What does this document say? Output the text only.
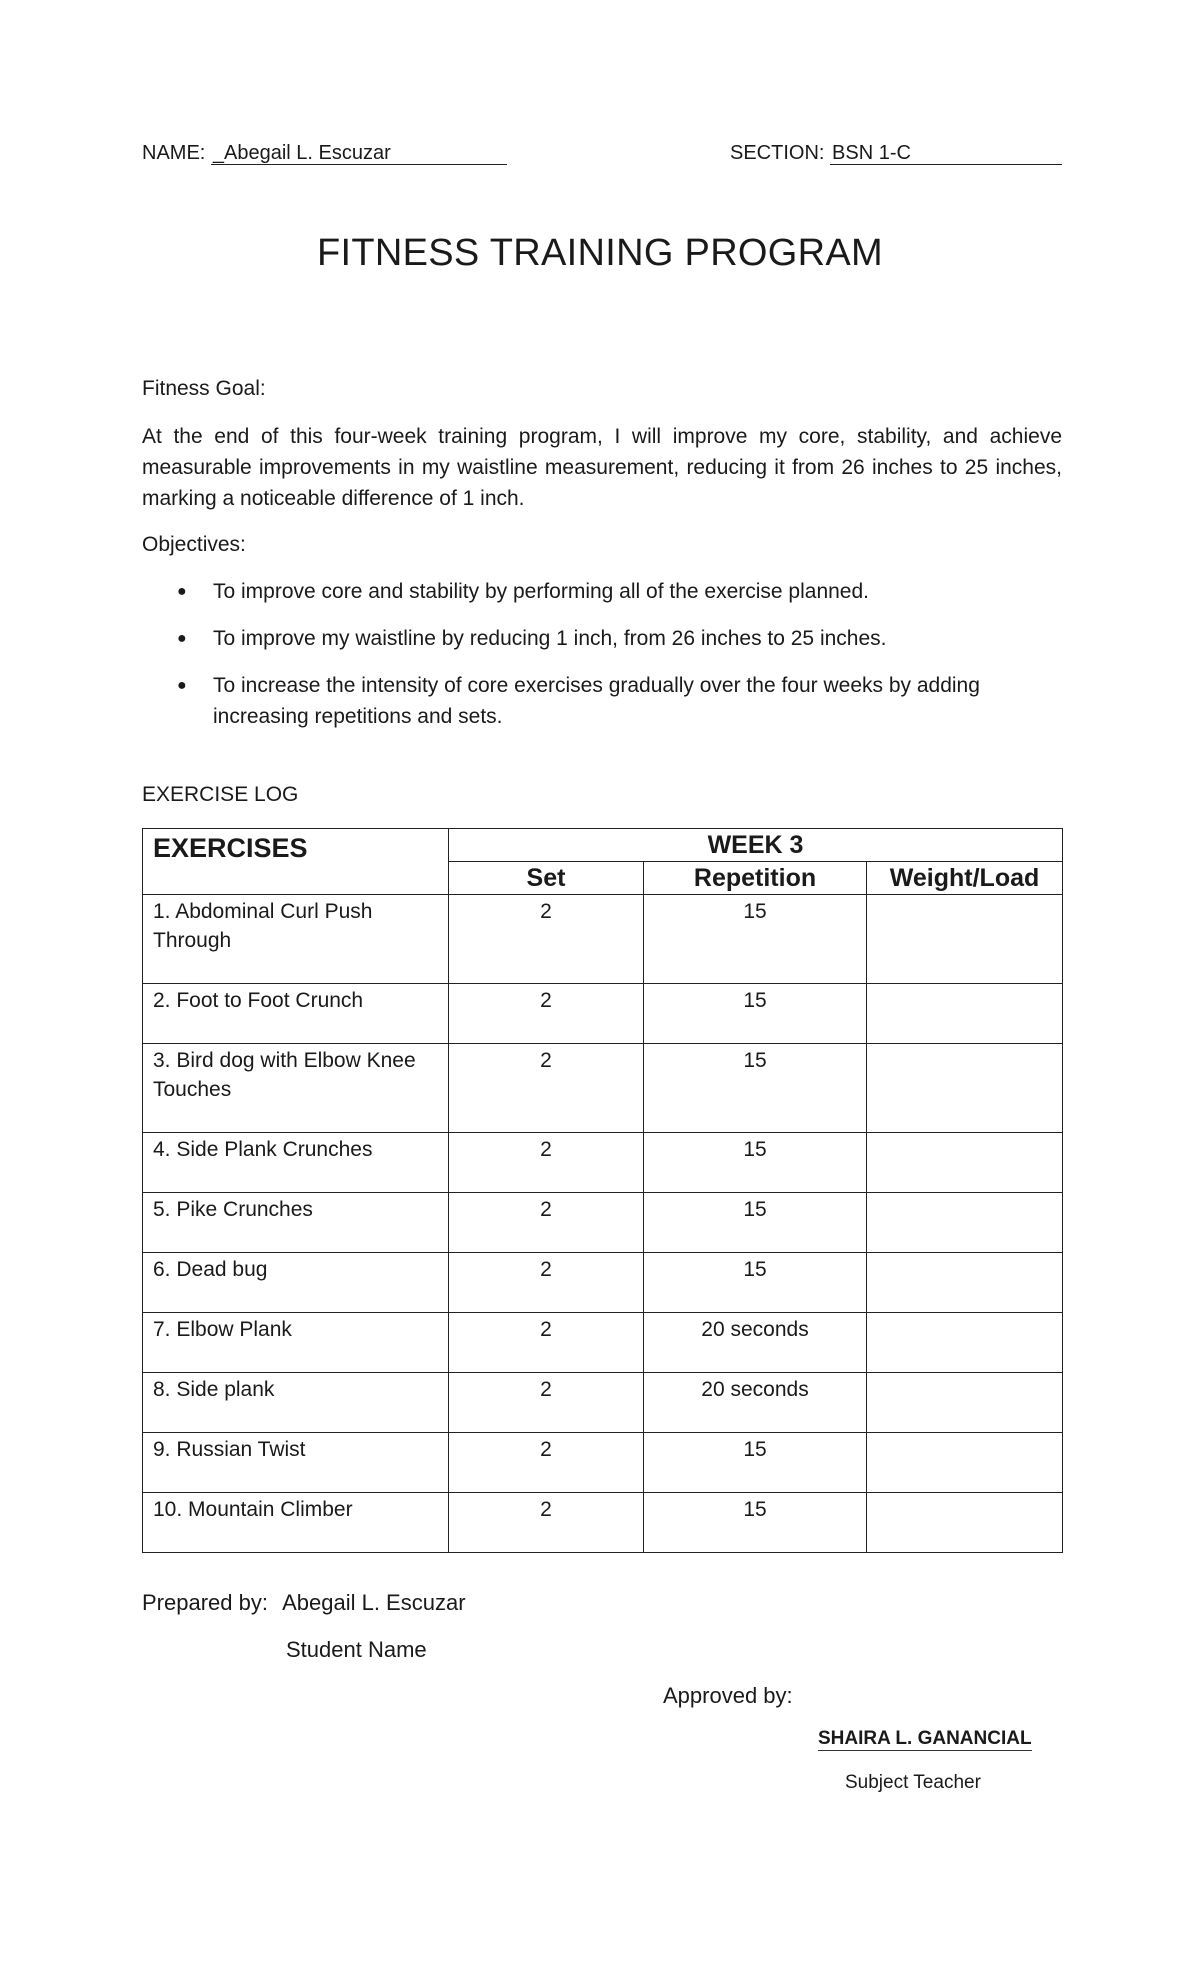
NAME: _Abegail L. Escuzar	SECTION: BSN 1-C
FITNESS TRAINING PROGRAM
Fitness Goal:
At the end of this four-week training program, I will improve my core, stability, and achieve measurable improvements in my waistline measurement, reducing it from 26 inches to 25 inches, marking a noticeable difference of 1 inch.
Objectives:
● To improve core and stability by performing all of the exercise planned.
● To improve my waistline by reducing 1 inch, from 26 inches to 25 inches.
● To increase the intensity of core exercises gradually over the four weeks by adding increasing repetitions and sets.
EXERCISE LOG
EXERCISES	WEEK 3		
	Set	Repetition	Weight/Load
1. Abdominal Curl Push Through	2	15	
2. Foot to Foot Crunch	2	15	
3. Bird dog with Elbow Knee Touches	2	15	
4. Side Plank Crunches	2	15	
5. Pike Crunches	2	15	
6. Dead bug	2	15	
7. Elbow Plank	2	20 seconds	
8. Side plank	2	20 seconds	
9. Russian Twist	2	15	
10. Mountain Climber	2	15	
Prepared by: Abegail L. Escuzar
Student Name
Approved by:
SHAIRA L. GANANCIAL
Subject Teacher
